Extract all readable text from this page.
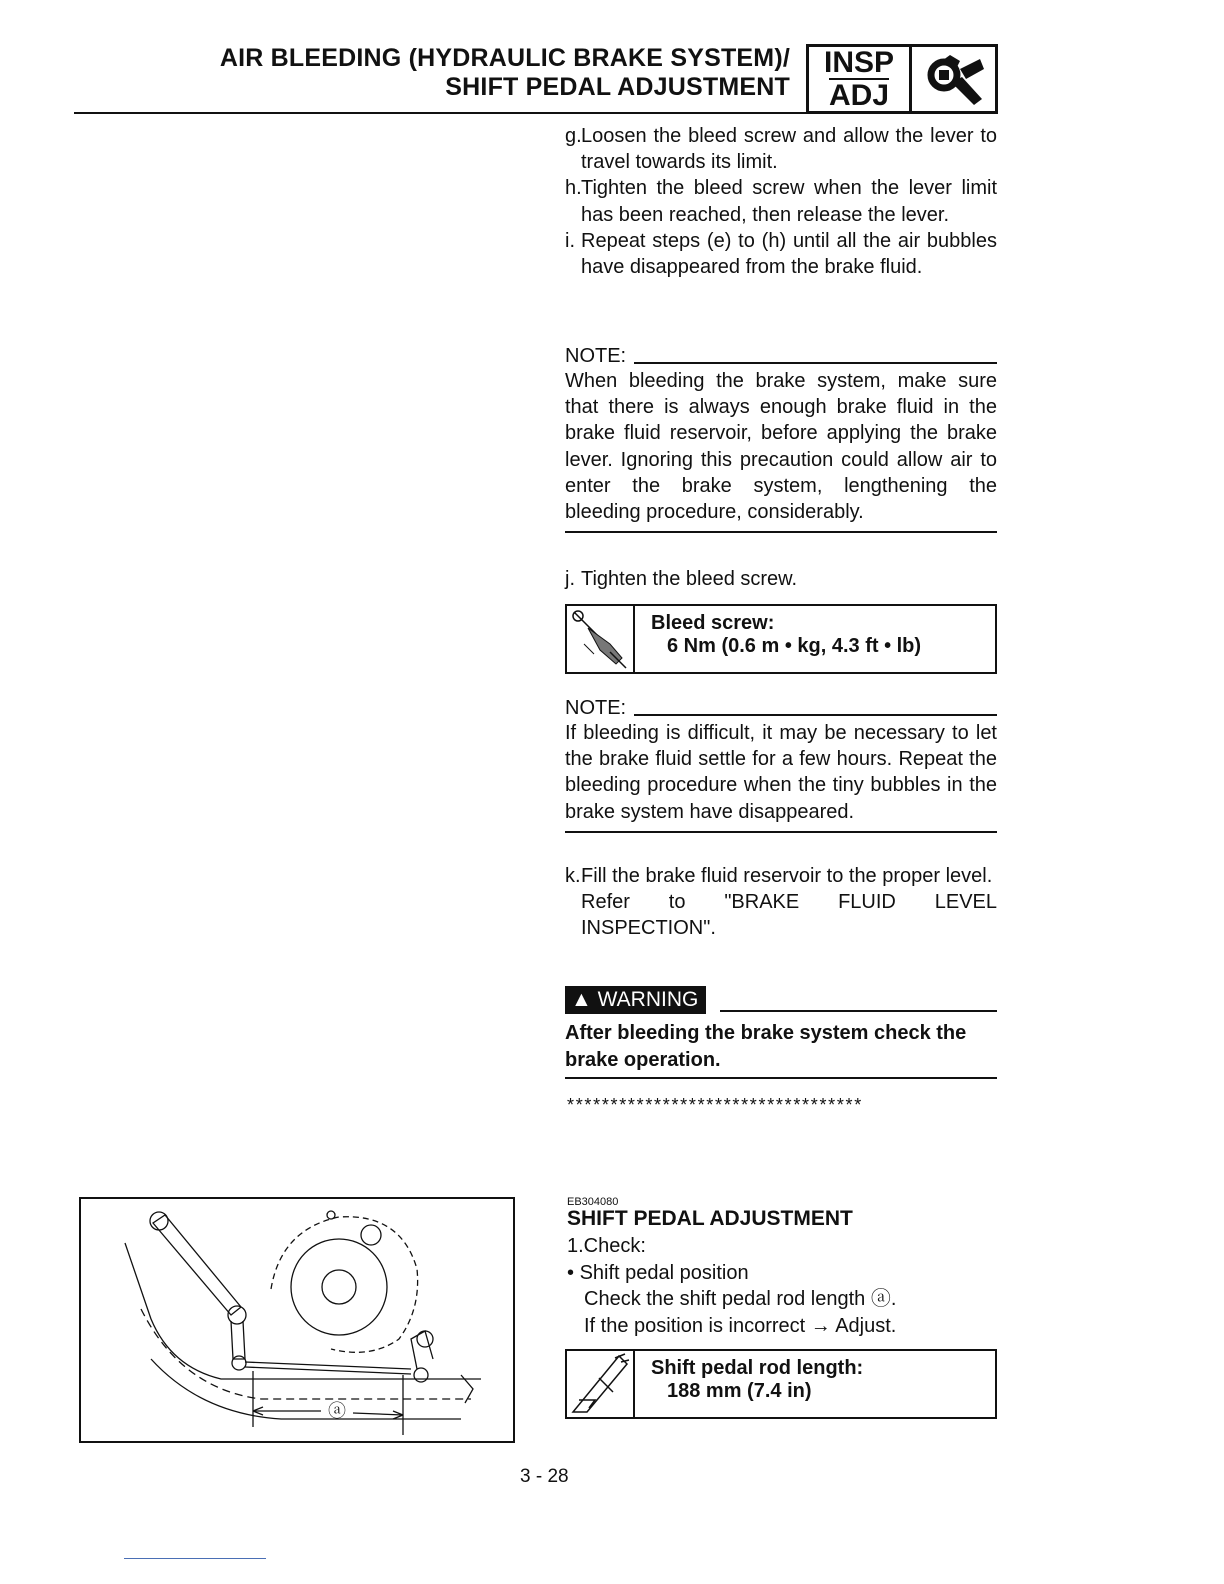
AIR BLEEDING (HYDRAULIC BRAKE SYSTEM)/
SHIFT PEDAL ADJUSTMENT
INSP
ADJ
g. Loosen the bleed screw and allow the lever to travel towards its limit.
h. Tighten the bleed screw when the lever limit has been reached, then release the lever.
i. Repeat steps (e) to (h) until all the air bubbles have disappeared from the brake fluid.
NOTE:
When bleeding the brake system, make sure that there is always enough brake fluid in the brake fluid reservoir, before applying the brake lever. Ignoring this precaution could allow air to enter the brake system, lengthening the bleeding procedure, considerably.
j. Tighten the bleed screw.
Bleed screw:
6 Nm (0.6 m • kg, 4.3 ft • lb)
NOTE:
If bleeding is difficult, it may be necessary to let the brake fluid settle for a few hours. Repeat the bleeding procedure when the tiny bubbles in the brake system have disappeared.
k. Fill the brake fluid reservoir to the proper level.
Refer to "BRAKE FLUID LEVEL INSPECTION".
▲ WARNING
After bleeding the brake system check the brake operation.
**********************************
EB304080
SHIFT PEDAL ADJUSTMENT
1.Check:
• Shift pedal position
Check the shift pedal rod length ⓐ.
If the position is incorrect → Adjust.
Shift pedal rod length:
188 mm (7.4 in)
ⓐ
3 - 28
